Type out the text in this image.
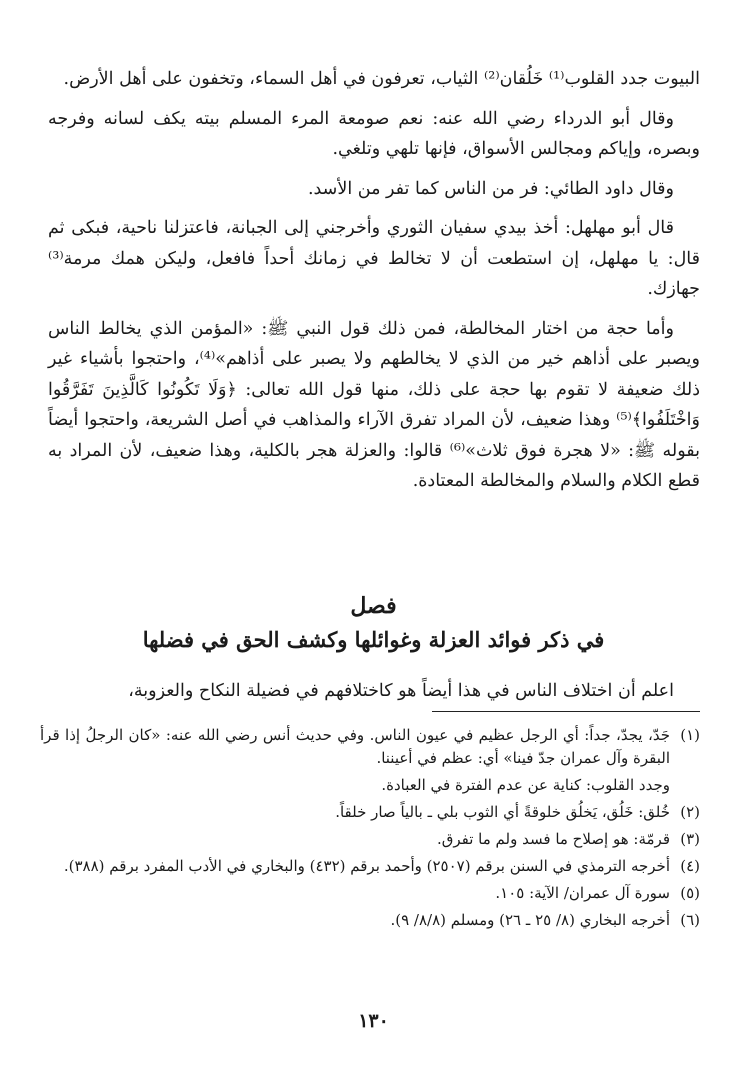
البيوت جدد القلوب⁽¹⁾ خَلُقان⁽²⁾ الثياب، تعرفون في أهل السماء، وتخفون على أهل الأرض.

وقال أبو الدرداء رضي الله عنه: نعم صومعة المرء المسلم بيته يكف لسانه وفرجه وبصره، وإياكم ومجالس الأسواق، فإنها تلهي وتلغي.

وقال داود الطائي: فر من الناس كما تفر من الأسد.

قال أبو مهلهل: أخذ بيدي سفيان الثوري وأخرجني إلى الجبانة، فاعتزلنا ناحية، فبكى ثم قال: يا مهلهل، إن استطعت أن لا تخالط في زمانك أحداً فافعل، وليكن همك مرمة⁽³⁾ جهازك.

وأما حجة من اختار المخالطة، فمن ذلك قول النبي ﷺ: «المؤمن الذي يخالط الناس ويصبر على أذاهم خير من الذي لا يخالطهم ولا يصبر على أذاهم»⁽⁴⁾، واحتجوا بأشياء غير ذلك ضعيفة لا تقوم بها حجة على ذلك، منها قول الله تعالى: ﴿وَلَا تَكُونُوا كَالَّذِينَ تَفَرَّقُوا وَاخْتَلَفُوا﴾⁽⁵⁾ وهذا ضعيف، لأن المراد تفرق الآراء والمذاهب في أصل الشريعة، واحتجوا أيضاً بقوله ﷺ: «لا هجرة فوق ثلاث»⁽⁶⁾ قالوا: والعزلة هجر بالكلية، وهذا ضعيف، لأن المراد به قطع الكلام والسلام والمخالطة المعتادة.

فصل
في ذكر فوائد العزلة وغوائلها وكشف الحق في فضلها
اعلم أن اختلاف الناس في هذا أيضاً هو كاختلافهم في فضيلة النكاح والعزوبة،
(١)
جَدّ، يجدّ، جداً: أي الرجل عظيم في عيون الناس. وفي حديث أنس رضي الله عنه: «كان الرجلُ إذا قرأ البقرة وآل عمران جدّ فينا» أي: عظم في أعيننا.
وجدد القلوب: كناية عن عدم الفترة في العبادة.
(٢)
خُلق: خَلُق، يَخلُق خلوقةً أي الثوب بلي ـ بالياً صار خلقاً.
(٣)
قرمّة: هو إصلاح ما فسد ولم ما تفرق.
(٤)
أخرجه الترمذي في السنن برقم (٢٥٠٧) وأحمد برقم (٤٣٢) والبخاري في الأدب المفرد برقم (٣٨٨).
(٥)
سورة آل عمران/ الآية: ١٠٥.
(٦)
أخرجه البخاري (٨/ ٢٥ ـ ٢٦) ومسلم (٨/٨/ ٩).
١٣٠
